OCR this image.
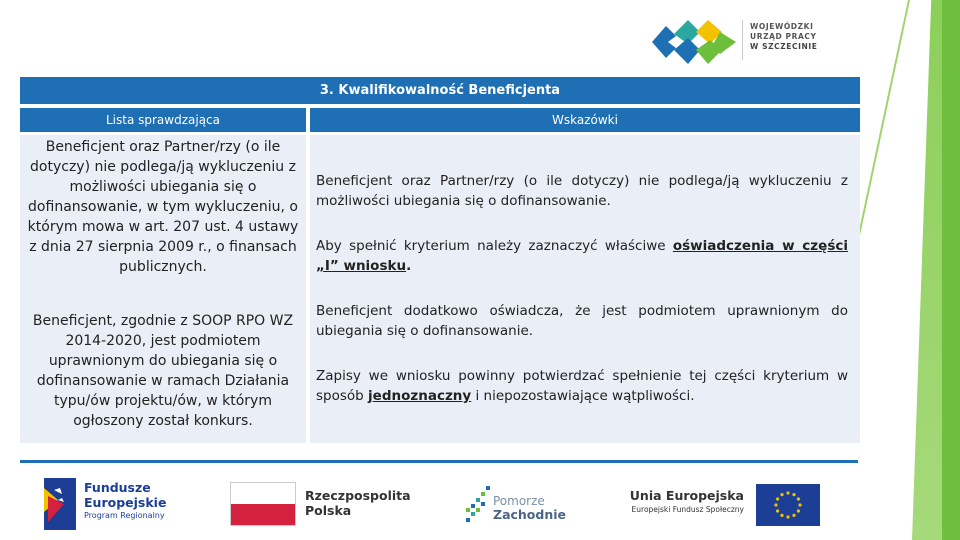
WOJEWÓDZKI
URZĄD PRACY
W SZCZECINIE
3. Kwalifikowalność Beneficjenta
Lista sprawdzająca	Wskazówki
Beneficjent oraz Partner/rzy (o ile dotyczy) nie podlega/ją wykluczeniu z możliwości ubiegania się o dofinansowanie, w tym wykluczeniu, o którym mowa w art. 207 ust. 4 ustawy z dnia 27 sierpnia 2009 r., o finansach publicznych.
Beneficjent, zgodnie z SOOP RPO WZ 2014-2020, jest podmiotem uprawnionym do ubiegania się o dofinansowanie w ramach Działania typu/ów projektu/ów, w którym ogłoszony został konkurs.
Beneficjent oraz Partner/rzy (o ile dotyczy) nie podlega/ją wykluczeniu z możliwości ubiegania się o dofinansowanie.
Aby spełnić kryterium należy zaznaczyć właściwe oświadczenia w części „I” wniosku.
Beneficjent dodatkowo oświadcza, że jest podmiotem uprawnionym do ubiegania się o dofinansowanie.
Zapisy we wniosku powinny potwierdzać spełnienie tej części kryterium w sposób jednoznaczny i niepozostawiające wątpliwości.
Fundusze
Europejskie
Program Regionalny
Rzeczpospolita
Polska
Pomorze
Zachodnie
Unia Europejska
Europejski Fundusz Społeczny
